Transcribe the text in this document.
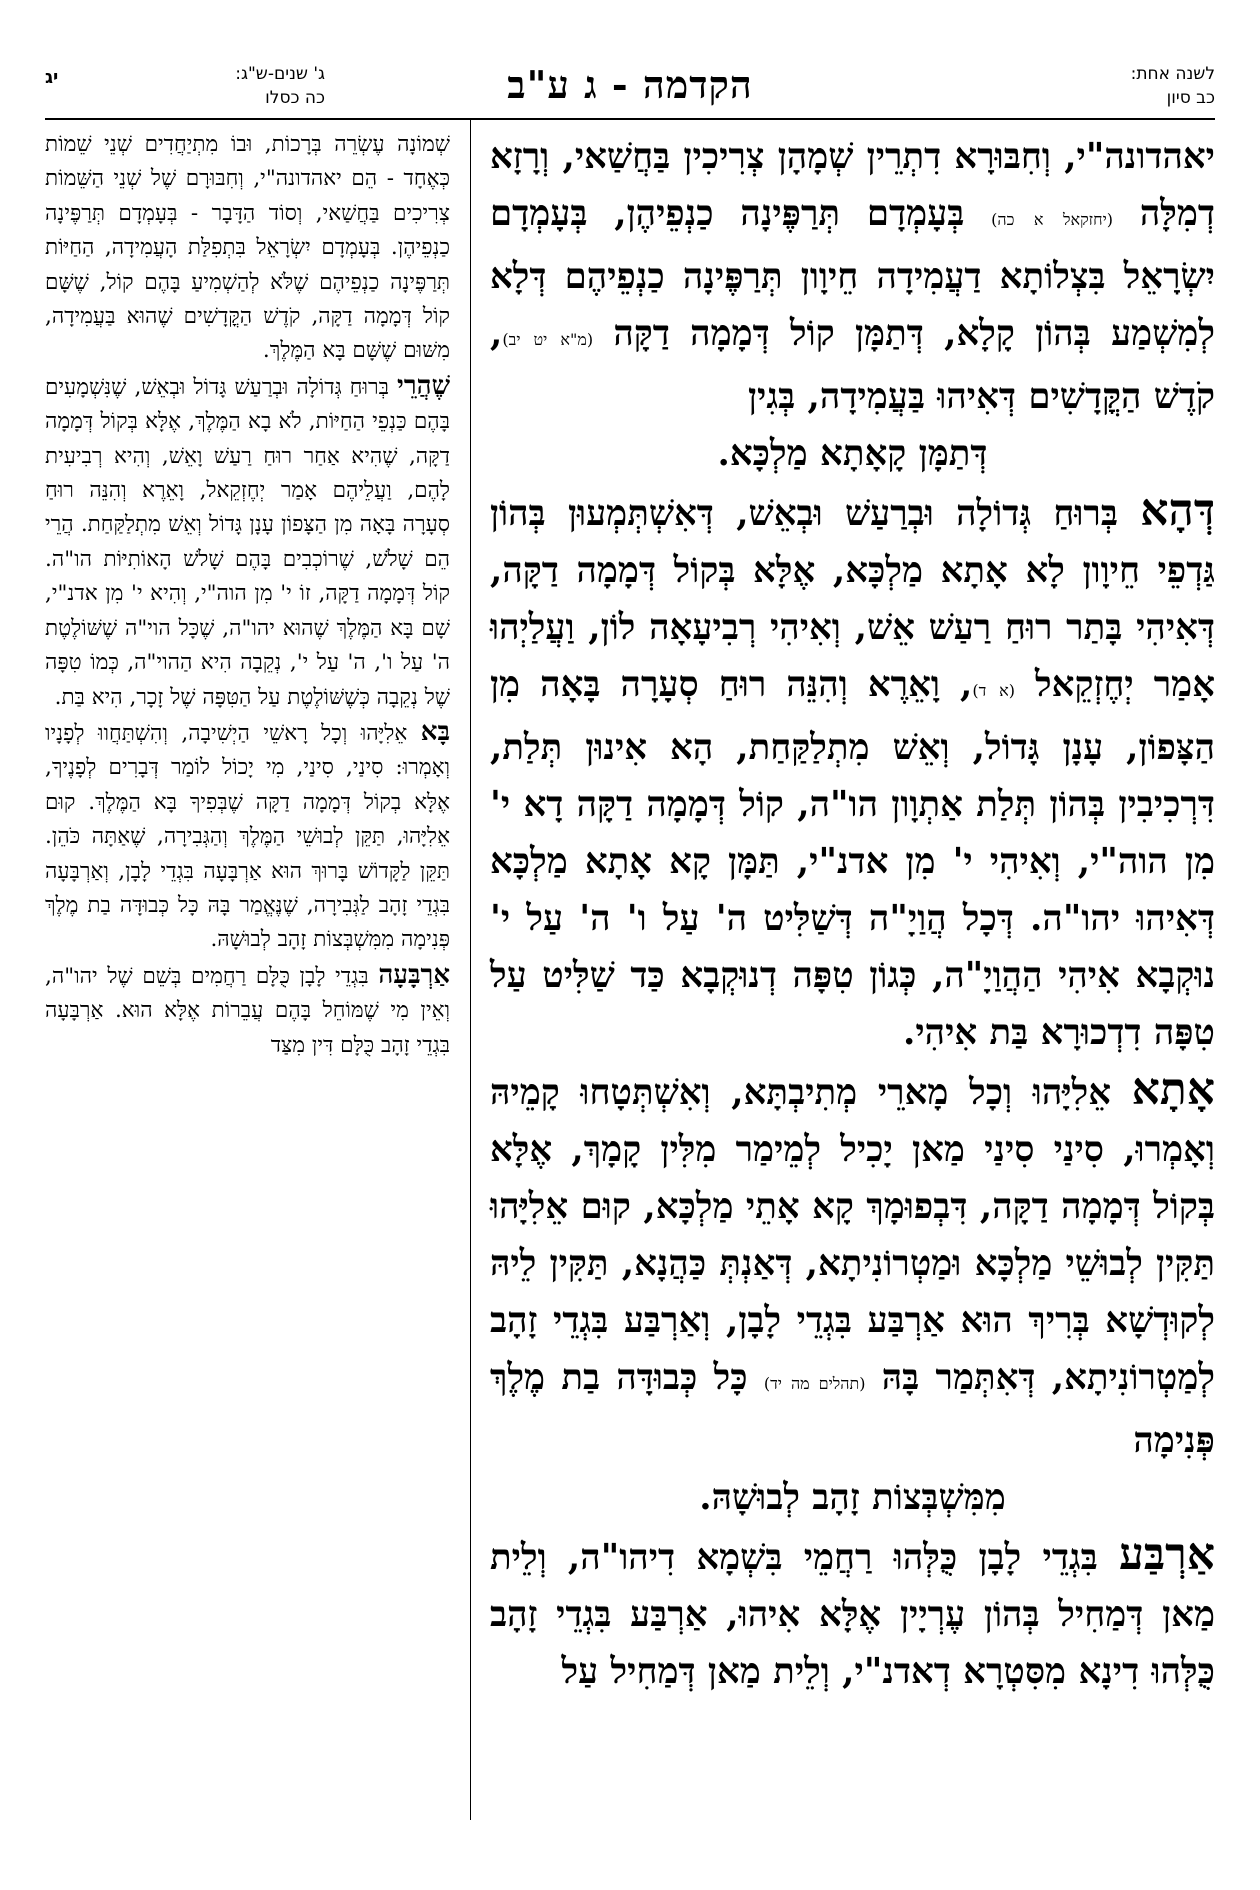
לשנה אחת:
כב סיון
הקדמה - ג ע"ב
יג	ג' שנים-ש"ג:
כה כסלו

יאהדונה"י, וְחִבּוּרָא דִתְרֵין שְׁמָהָן צְרִיכִין בַּחֲשַׁאי, וְרָזָא דְמִלָּה (יחזקאל א כה) בְּעָמְדָם תְּרַפֶּינָה כַנְפֵיהֶן, בְּעָמְדָם יִשְׂרָאֵל בִּצְלוֹתָא דַעֲמִידָה חֵיוָון תְּרַפֶּינָה כַנְפֵיהֶם דְּלָא לְמִשְׁמַע בְּהוֹן קָלָא, דְּתַמָּן קוֹל דְּמָמָה דַקָּה (מ"א יט יב), קֹדֶשׁ הַקֳּדָשִׁים דְּאִיהוּ בַּעֲמִידָה, בְּגִין

דְּתַמָּן קָאָתָא מַלְכָּא.

דְּהָא בְּרוּחַ גְּדוֹלָה וּבְרַעַשׁ וּבְאֵשׁ, דְּאִשְׁתְּמְעוּן בְּהוֹן גַּדְפֵי חֵיוָון לָא אָתָא מַלְכָּא, אֶלָּא בְּקוֹל דְּמָמָה דַקָּה, דְּאִיהִי בָּתַר רוּחַ רַעַשׁ אֵשׁ, וְאִיהִי רְבִיעָאָה לוֹן, וַעֲלַיְהוּ אָמַר יְחֶזְקֵאל (א ד), וָאֵרֶא וְהִנֵּה רוּחַ סְעָרָה בָּאָה מִן הַצָּפוֹן, עָנָן גָּדוֹל, וְאֵשׁ מִתְלַקַּחַת, הָא אִינוּן תְּלַת, דִּרְכִיבִין בְּהוֹן תְּלַת אַתְוָון הו"ה, קוֹל דְּמָמָה דַקָּה דָא י' מִן הוה"י, וְאִיהִי י' מִן אדנ"י, תַּמָּן קָא אָתָא מַלְכָּא דְּאִיהוּ יהו"ה. דְּכָל הֲוַיָ"ה דְּשַׁלִּיט ה' עַל ו' ה' עַל י' נוּקְבָא אִיהִי הַהֲוַיָ"ה, כְּגוֹן טִפָּה דְנוּקְבָא כַּד שַׁלִּיט עַל טִפָּה דִדְכוּרָא בַּת אִיהִי.

אָתָא אֵלִיָּהוּ וְכָל מָארֵי מְתִיבְתָּא, וְאִשְׁתְּטָחוּ קָמֵיהּ וְאָמְרוּ, סִינַי סִינַי מַאן יָכִיל לְמֵימַר מִלִּין קָמָךְ, אֶלָּא בְּקוֹל דְּמָמָה דַקָּה, דִּבְפוּמָךְ קָא אָתֵי מַלְכָּא, קוּם אֵלִיָּהוּ תַּקִּין לְבוּשֵׁי מַלְכָּא וּמַטְרוֹנִיתָא, דְּאַנְתְּ כַּהֲנָא, תַּקִּין לֵיהּ לְקוּדְשָׁא בְּרִיךְ הוּא אַרְבַּע בִּגְדֵי לָבָן, וְאַרְבַּע בִּגְדֵי זָהָב לְמַטְרוֹנִיתָא, דְּאִתְּמַר בָּהּ (תהלים מה יד) כָּל כְּבוּדָּה בַת מֶלֶךְ פְּנִימָה

מִמִּשְׁבְּצוֹת זָהָב לְבוּשָׁהּ.

אַרְבַּע בִּגְדֵי לָבָן כֻּלְּהוּ רַחֲמֵי בִּשְׁמָא דִיהו"ה, וְלֵית מַאן דְּמַחִיל בְּהוֹן עֶרְיָין אֶלָּא אִיהוּ, אַרְבַּע בִּגְדֵי זָהָב כֻּלְּהוּ דִינָא מִסִּטְרָא דְאדנ"י, וְלֵית מַאן דְּמַחִיל עַל

שְׁמוֹנָה עֶשְׂרֵה בְּרָכוֹת, וּבוֹ מִתְיַחֲדִים שְׁנֵי שֵׁמוֹת כְּאֶחָד - הֵם יאהדונה"י, וְחִבּוּרָם שֶׁל שְׁנֵי הַשֵּׁמוֹת צְרִיכִים בַּחֲשַׁאי, וְסוֹד הַדָּבָר - בְּעָמְדָם תְּרַפֶּינָה כַנְפֵיהֶן. בְּעָמְדָם יִשְׂרָאֵל בִּתְפִלַּת הָעֲמִידָה, הַחַיּוֹת תְּרַפֶּינָה כַנְפֵיהֶם שֶׁלֹּא לְהַשְׁמִיעַ בָּהֶם קוֹל, שֶׁשָּׁם קוֹל דְּמָמָה דַקָּה, קֹדֶשׁ הַקֳּדָשִׁים שֶׁהוּא בַּעֲמִידָה, מִשּׁוּם שֶׁשָּׁם בָּא הַמֶּלֶךְ.

שֶׁהֲרֵי בְּרוּחַ גְּדוֹלָה וּבְרַעַשׁ גָּדוֹל וּבְאֵשׁ, שֶׁנִּשְׁמָעִים בָּהֶם כַּנְפֵי הַחַיּוֹת, לֹא בָא הַמֶּלֶךְ, אֶלָּא בְּקוֹל דְּמָמָה דַקָּה, שֶׁהִיא אַחַר רוּחַ רַעַשׁ וָאֵשׁ, וְהִיא רְבִיעִית לָהֶם, וַעֲלֵיהֶם אָמַר יְחֶזְקֵאל, וָאֵרֶא וְהִנֵּה רוּחַ סְעָרָה בָּאָה מִן הַצָּפוֹן עָנָן גָּדוֹל וְאֵשׁ מִתְלַקַּחַת. הֲרֵי הֵם שָׁלֹשׁ, שֶׁרוֹכְבִים בָּהֶם שָׁלֹשׁ הָאוֹתִיּוֹת הו"ה. קוֹל דְּמָמָה דַקָּה, זוֹ י' מִן הוה"י, וְהִיא י' מִן אדנ"י, שָׁם בָּא הַמֶּלֶךְ שֶׁהוּא יהו"ה, שֶׁכָּל הוי"ה שֶׁשּׁוֹלֶטֶת ה' עַל ו', ה' עַל י', נְקֵבָה הִיא הַהוי"ה, כְּמוֹ טִפָּה שֶׁל נְקֵבָה כְּשֶׁשּׁוֹלֶטֶת עַל הַטִּפָּה שֶׁל זָכָר, הִיא בַּת.

בָּא אֵלִיָּהוּ וְכָל רָאשֵׁי הַיְשִׁיבָה, וְהִשְׁתַּחֲווּ לְפָנָיו וְאָמְרוּ: סִינַי, סִינַי, מִי יָכוֹל לוֹמַר דְּבָרִים לְפָנֶיךָ, אֶלָּא בְקוֹל דְּמָמָה דַקָּה שֶׁבְּפִיךָ בָּא הַמֶּלֶךְ. קוּם אֵלִיָּהוּ, תַּקֵּן לְבוּשֵׁי הַמֶּלֶךְ וְהַגְּבִירָה, שֶׁאַתָּה כֹּהֵן. תַּקֵּן לַקָּדוֹשׁ בָּרוּךְ הוּא אַרְבָּעָה בִּגְדֵי לָבָן, וְאַרְבָּעָה בִּגְדֵי זָהָב לַגְּבִירָה, שֶׁנֶּאֱמַר בָּהּ כָּל כְּבוּדָּה בַת מֶלֶךְ פְּנִימָה מִמִּשְׁבְּצוֹת זָהָב לְבוּשָׁהּ.

אַרְבָּעָה בִּגְדֵי לָבָן כֻּלָּם רַחֲמִים בְּשֵׁם שֶׁל יהו"ה, וְאֵין מִי שֶׁמּוֹחֵל בָּהֶם עֲבֵרוֹת אֶלָּא הוּא. אַרְבָּעָה בִּגְדֵי זָהָב כֻּלָּם דִּין מִצַּד
